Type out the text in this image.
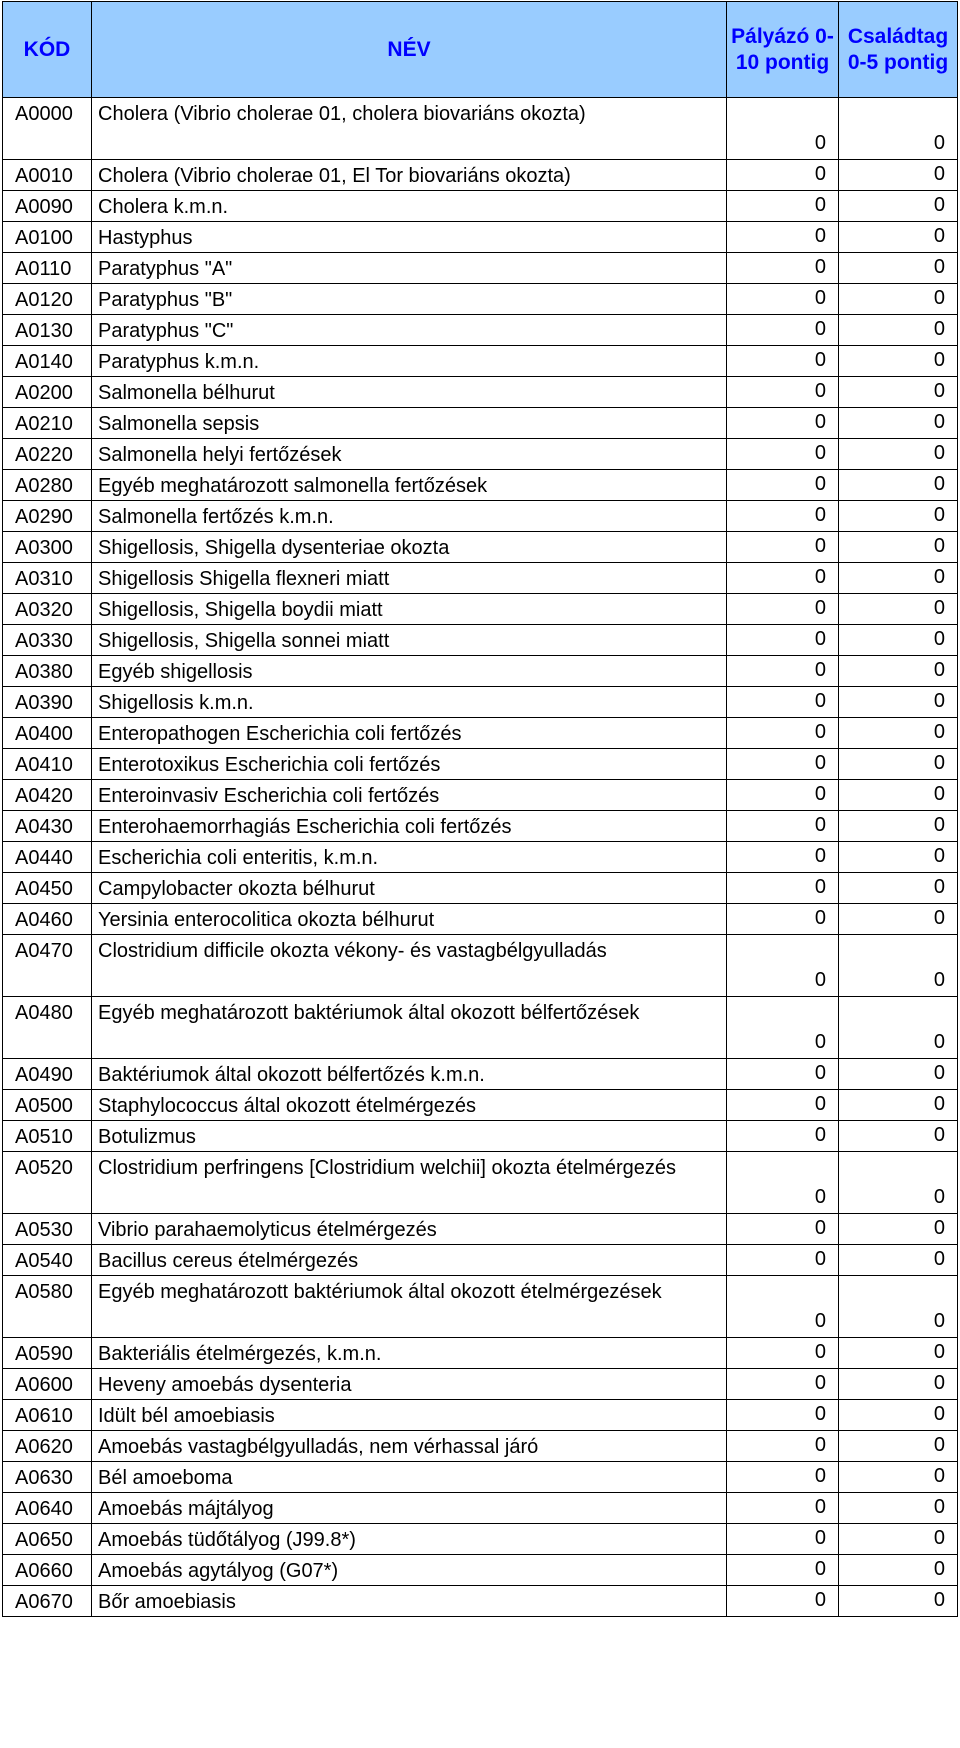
KÓD	NÉV	Pályázó 0-10 pontig	Családtag 0-5 pontig
A0000	Cholera (Vibrio cholerae 01, cholera biovariáns okozta)	0	0
A0010	Cholera (Vibrio cholerae 01, El Tor biovariáns okozta)	0	0
A0090	Cholera k.m.n.	0	0
A0100	Hastyphus	0	0
A0110	Paratyphus "A"	0	0
A0120	Paratyphus "B"	0	0
A0130	Paratyphus "C"	0	0
A0140	Paratyphus k.m.n.	0	0
A0200	Salmonella bélhurut	0	0
A0210	Salmonella sepsis	0	0
A0220	Salmonella helyi fertőzések	0	0
A0280	Egyéb meghatározott salmonella fertőzések	0	0
A0290	Salmonella fertőzés k.m.n.	0	0
A0300	Shigellosis, Shigella dysenteriae okozta	0	0
A0310	Shigellosis Shigella flexneri miatt	0	0
A0320	Shigellosis, Shigella boydii miatt	0	0
A0330	Shigellosis, Shigella sonnei miatt	0	0
A0380	Egyéb shigellosis	0	0
A0390	Shigellosis k.m.n.	0	0
A0400	Enteropathogen Escherichia coli fertőzés	0	0
A0410	Enterotoxikus Escherichia coli fertőzés	0	0
A0420	Enteroinvasiv Escherichia coli fertőzés	0	0
A0430	Enterohaemorrhagiás Escherichia coli fertőzés	0	0
A0440	Escherichia coli enteritis, k.m.n.	0	0
A0450	Campylobacter okozta bélhurut	0	0
A0460	Yersinia enterocolitica okozta bélhurut	0	0
A0470	Clostridium difficile okozta vékony- és vastagbélgyulladás	0	0
A0480	Egyéb meghatározott baktériumok által okozott bélfertőzések	0	0
A0490	Baktériumok által okozott bélfertőzés k.m.n.	0	0
A0500	Staphylococcus által okozott ételmérgezés	0	0
A0510	Botulizmus	0	0
A0520	Clostridium perfringens [Clostridium welchii] okozta ételmérgezés	0	0
A0530	Vibrio parahaemolyticus ételmérgezés	0	0
A0540	Bacillus cereus ételmérgezés	0	0
A0580	Egyéb meghatározott baktériumok által okozott ételmérgezések	0	0
A0590	Bakteriális ételmérgezés, k.m.n.	0	0
A0600	Heveny amoebás dysenteria	0	0
A0610	Idült bél amoebiasis	0	0
A0620	Amoebás vastagbélgyulladás, nem vérhassal járó	0	0
A0630	Bél amoeboma	0	0
A0640	Amoebás májtályog	0	0
A0650	Amoebás tüdőtályog (J99.8*)	0	0
A0660	Amoebás agytályog (G07*)	0	0
A0670	Bőr amoebiasis	0	0
